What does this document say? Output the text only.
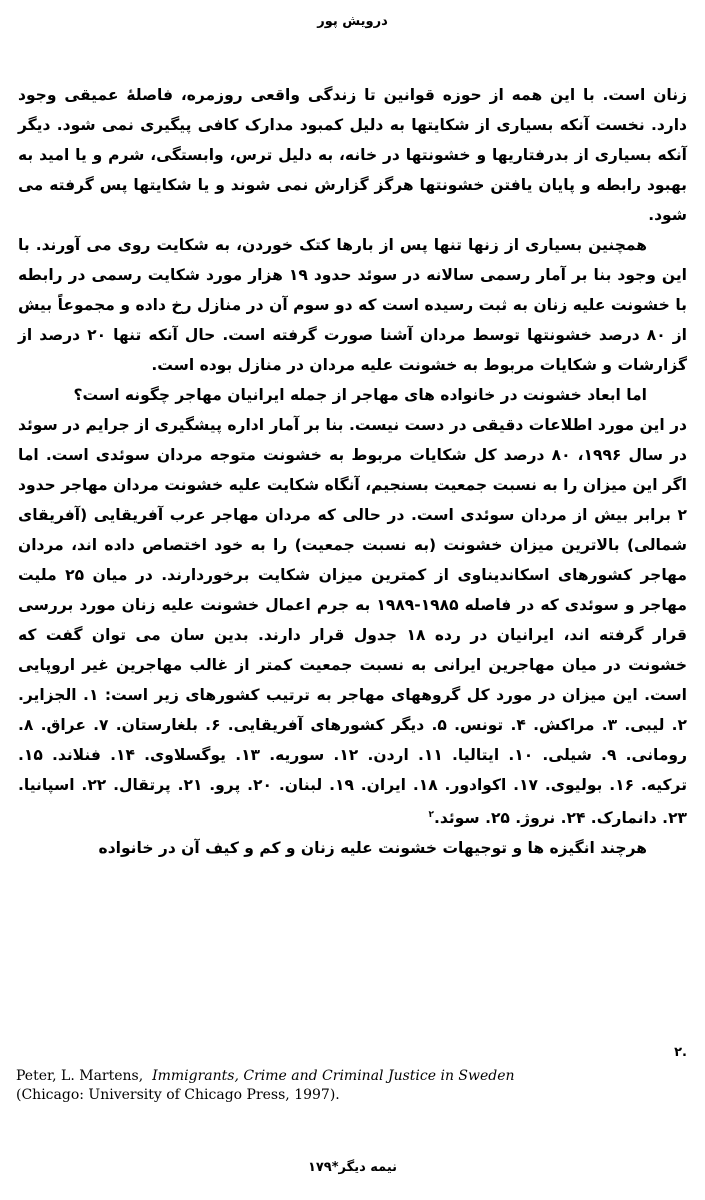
درویش پور

زنان است. با این همه از حوزه قوانین تا زندگی واقعی روزمره، فاصلهٔ عمیقی وجود دارد. نخست آنکه بسیاری از شکایتها به دلیل کمبود مدارک کافی پیگیری نمی شود. دیگر آنکه بسیاری از بدرفتاریها و خشونتها در خانه، به دلیل ترس، وابستگی، شرم و یا امید به بهبود رابطه و پایان یافتن خشونتها هرگز گزارش نمی شوند و یا شکایتها پس گرفته می شود.

همچنین بسیاری از زنها تنها پس از بارها کتک خوردن، به شکایت روی می آورند. با این وجود بنا بر آمار رسمی سالانه در سوئد حدود ۱۹ هزار مورد شکایت رسمی در رابطه با خشونت علیه زنان به ثبت رسیده است که دو سوم آن در منازل رخ داده و مجموعاً بیش از ۸۰ درصد خشونتها توسط مردان آشنا صورت گرفته است. حال آنکه تنها ۲۰ درصد از گزارشات و شکایات مربوط به خشونت علیه مردان در منازل بوده است.

اما ابعاد خشونت در خانواده های مهاجر از جمله ایرانیان مهاجر چگونه است؟

در این مورد اطلاعات دقیقی در دست نیست. بنا بر آمار اداره پیشگیری از جرایم در سوئد در سال ۱۹۹۶، ۸۰ درصد کل شکایات مربوط به خشونت متوجه مردان سوئدی است. اما اگر این میزان را به نسبت جمعیت بسنجیم، آنگاه شکایت علیه خشونت مردان مهاجر حدود ۲ برابر بیش از مردان سوئدی است. در حالی که مردان مهاجر عرب آفریقایی (آفریقای شمالی) بالاترین میزان خشونت (به نسبت جمعیت) را به خود اختصاص داده اند، مردان مهاجر کشورهای اسکاندیناوی از کمترین میزان شکایت برخوردارند. در میان ۲۵ ملیت مهاجر و سوئدی که در فاصله ۱۹۸۵-۱۹۸۹ به جرم اعمال خشونت علیه زنان مورد بررسی قرار گرفته اند، ایرانیان در رده ۱۸ جدول قرار دارند. بدین سان می توان گفت که خشونت در میان مهاجرین ایرانی به نسبت جمعیت کمتر از غالب مهاجرین غیر اروپایی است. این میزان در مورد کل گروههای مهاجر به ترتیب کشورهای زیر است: ۱. الجزایر. ۲. لیبی. ۳. مراکش. ۴. تونس. ۵. دیگر کشورهای آفریقایی. ۶. بلغارستان. ۷. عراق. ۸. رومانی. ۹. شیلی. ۱۰. ایتالیا. ۱۱. اردن. ۱۲. سوریه. ۱۳. یوگسلاوی. ۱۴. فنلاند. ۱۵. ترکیه. ۱۶. بولیوی. ۱۷. اکوادور. ۱۸. ایران. ۱۹. لبنان. ۲۰. پرو. ۲۱. پرتقال. ۲۲. اسپانیا. ۲۳. دانمارک. ۲۴. نروژ. ۲۵. سوئد.$^۲$

هرچند انگیزه ها و توجیهات خشونت علیه زنان و کم و کیف آن در خانواده

.۲
Peter, L. Martens, Immigrants, Crime and Criminal Justice in Sweden
(Chicago: University of Chicago Press, 1997).
نیمه دیگر*۱۷۹
